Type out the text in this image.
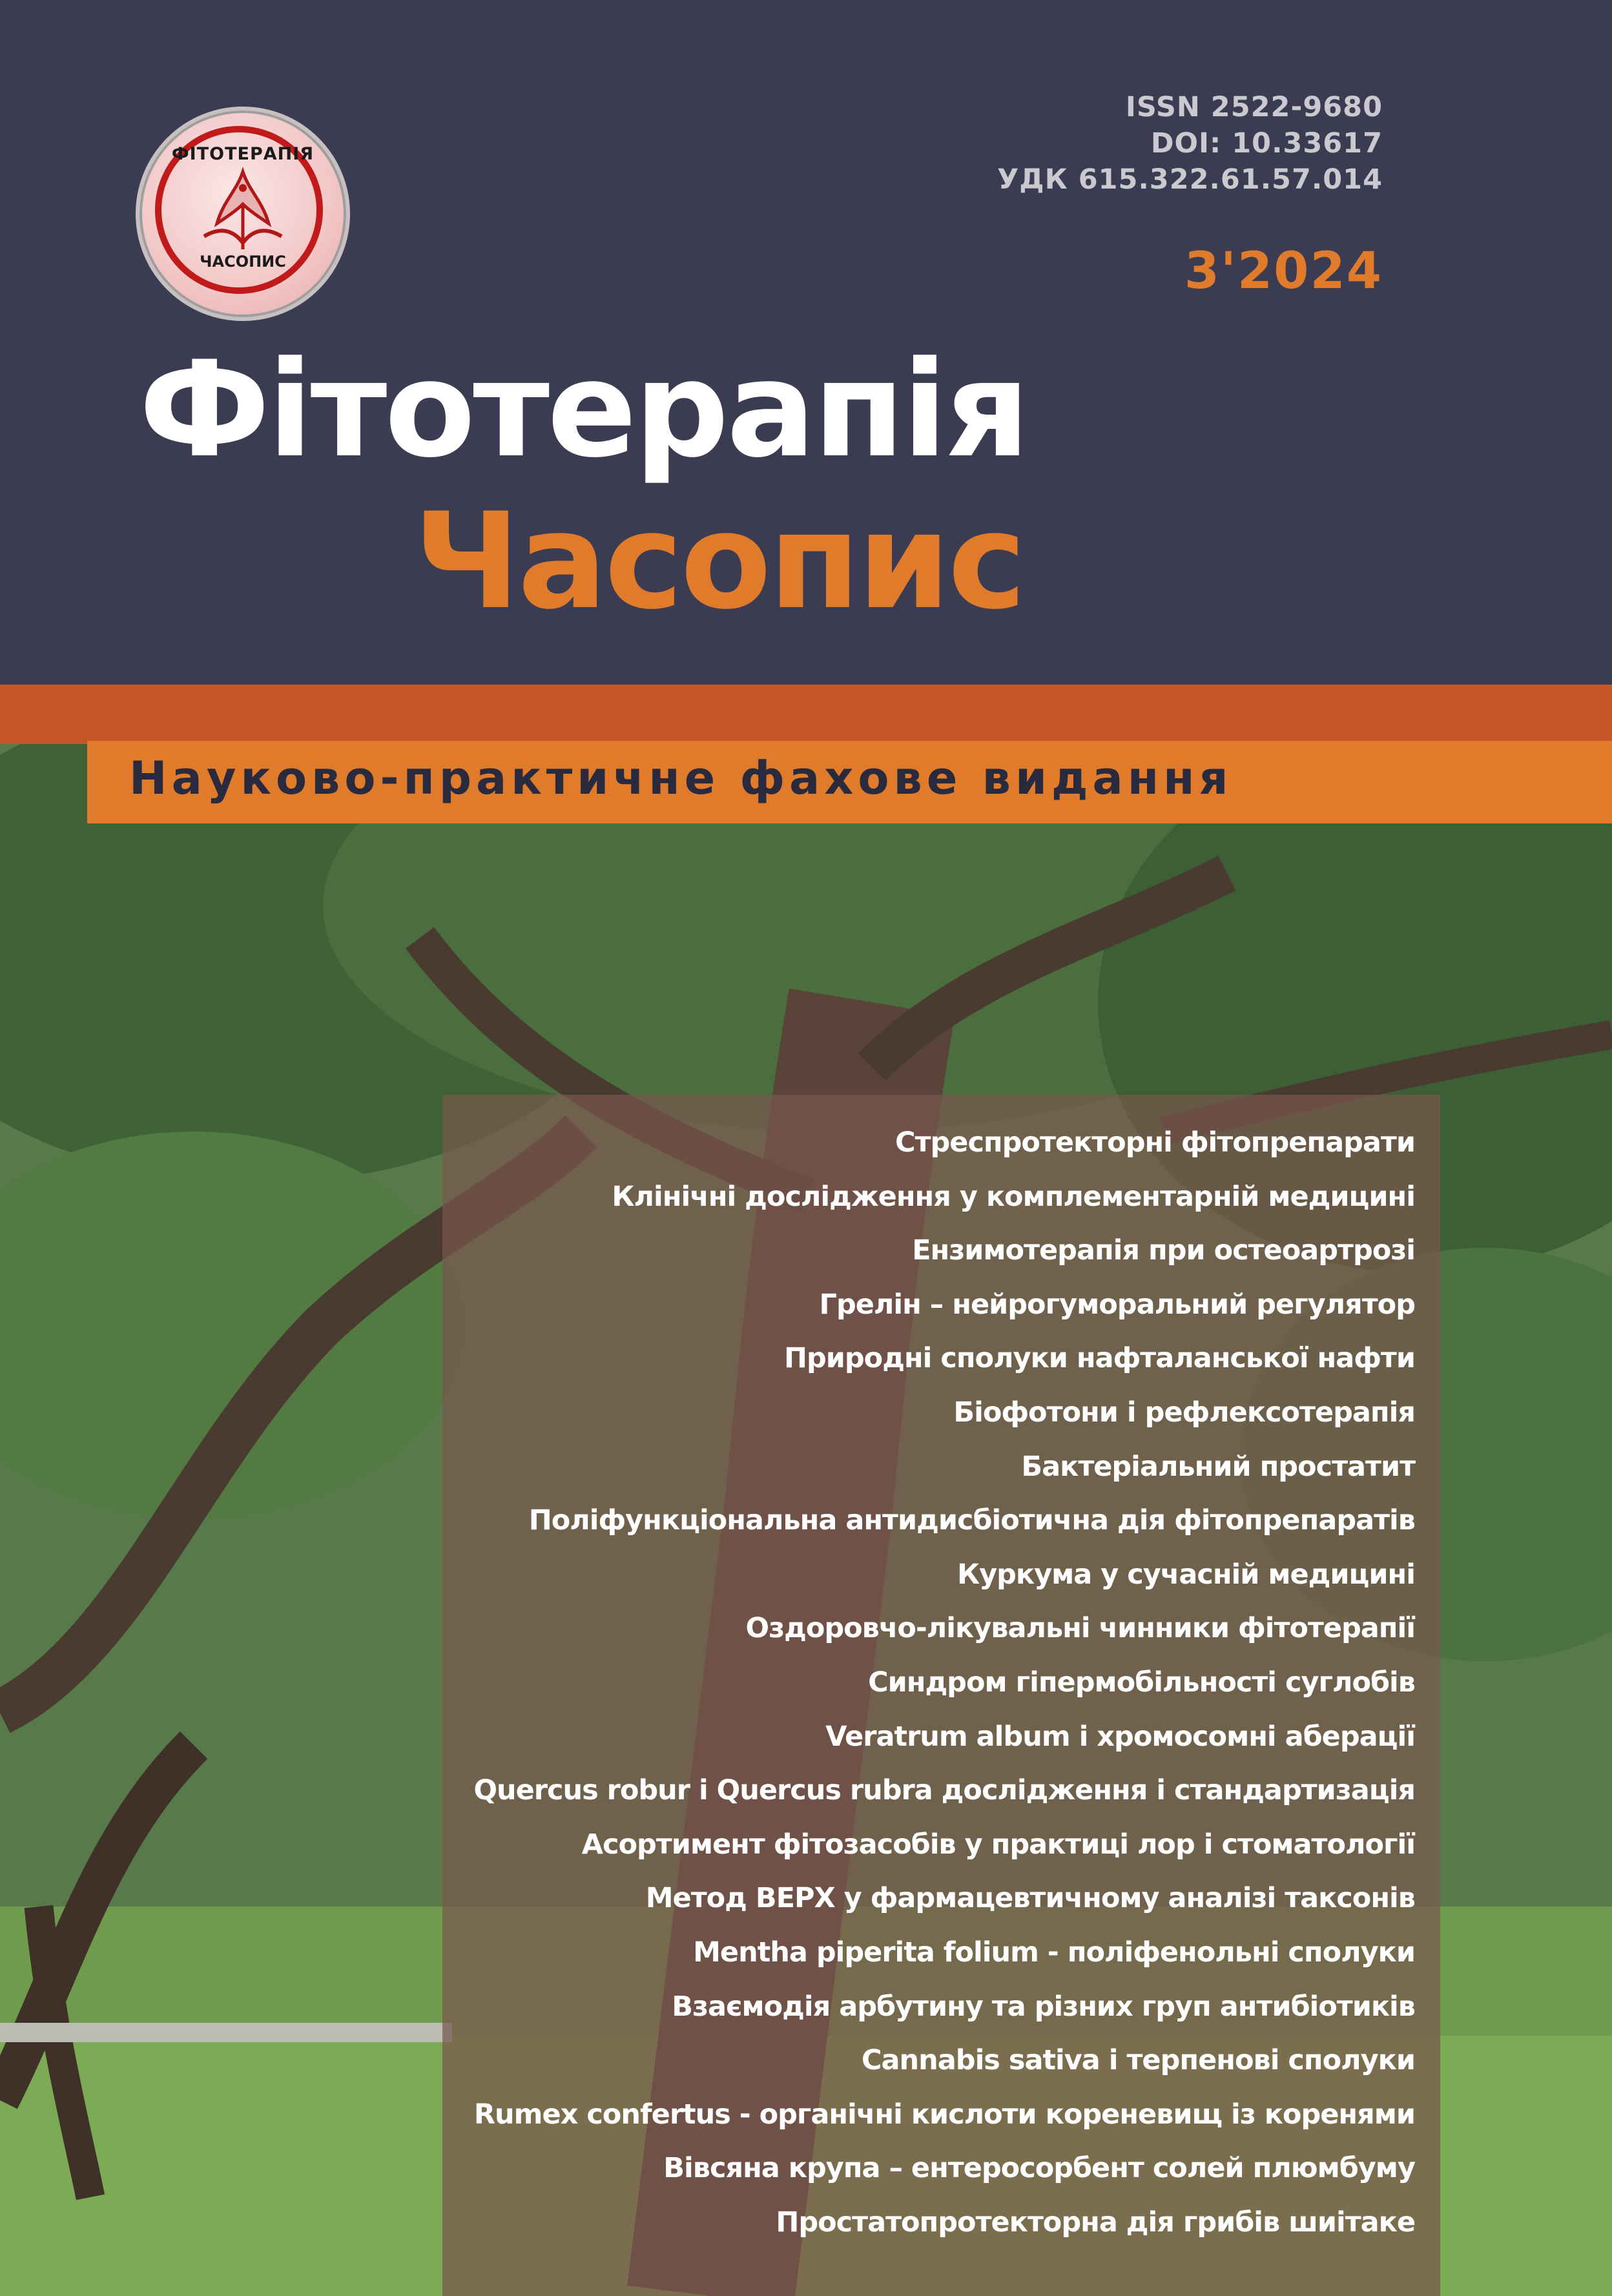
ФІТОТЕРАПІЯ
ЧАСОПИС
ISSN 2522-9680
DOI: 10.33617
УДК 615.322.61.57.014
3'2024
Фітотерапія
Часопис
Науково-практичне фахове видання
Стреспротекторні фітопрепарати
Клінічні дослідження у комплементарній медицині
Ензимотерапія при остеоартрозі
Грелін – нейрогуморальний регулятор
Природні сполуки нафталанської нафти
Біофотони і рефлексотерапія
Бактеріальний простатит
Поліфункціональна антидисбіотична дія фітопрепаратів
Куркума у сучасній медицині
Оздоровчо-лікувальні чинники фітотерапії
Синдром гіпермобільності суглобів
Veratrum album і хромосомні аберації
Quercus robur і Quercus rubra дослідження і стандартизація
Асортимент фітозасобів у практиці лор і стоматології
Метод ВЕРХ у фармацевтичному аналізі таксонів
Mentha piperita folium - поліфенольні сполуки
Взаємодія арбутину та різних груп антибіотиків
Cannabis sativa і терпенові сполуки
Rumex confertus - органічні кислоти кореневищ із коренями
Вівсяна крупа – ентеросорбент солей плюмбуму
Простатопротекторна дія грибів шиітаке
